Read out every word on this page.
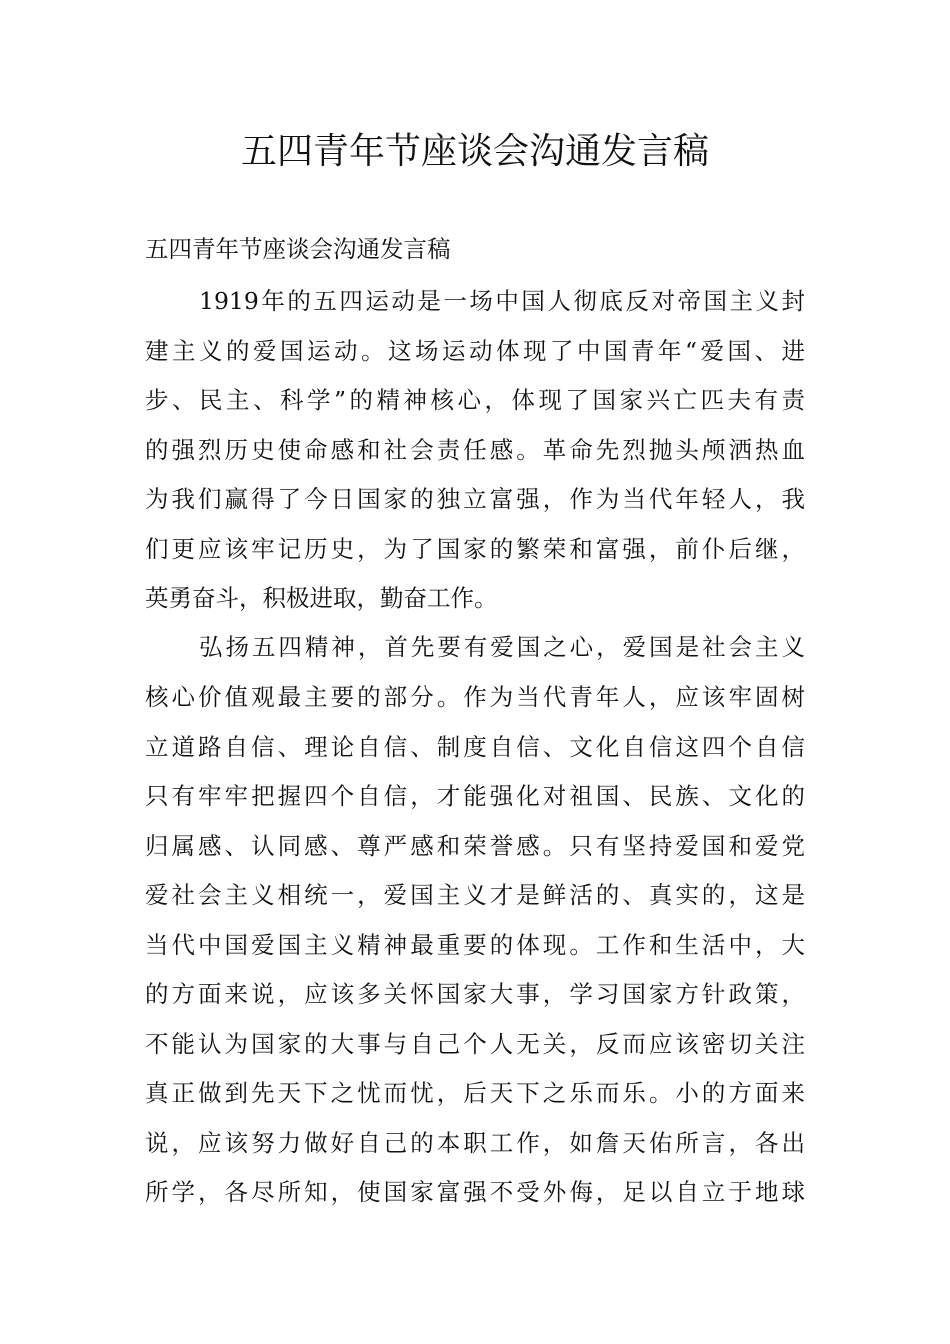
五四青年节座谈会沟通发言稿

五四青年节座谈会沟通发言稿

1919年的五四运动是一场中国人彻底反对帝国主义封

建主义的爱国运动。这场运动体现了中国青年“爱国、进

步、民主、科学”的精神核心，体现了国家兴亡匹夫有责

的强烈历史使命感和社会责任感。革命先烈抛头颅洒热血

为我们赢得了今日国家的独立富强，作为当代年轻人，我

们更应该牢记历史，为了国家的繁荣和富强，前仆后继，

英勇奋斗，积极进取，勤奋工作。

弘扬五四精神，首先要有爱国之心，爱国是社会主义

核心价值观最主要的部分。作为当代青年人，应该牢固树

立道路自信、理论自信、制度自信、文化自信这四个自信

只有牢牢把握四个自信，才能强化对祖国、民族、文化的

归属感、认同感、尊严感和荣誉感。只有坚持爱国和爱党

爱社会主义相统一，爱国主义才是鲜活的、真实的，这是

当代中国爱国主义精神最重要的体现。工作和生活中，大

的方面来说，应该多关怀国家大事，学习国家方针政策，

不能认为国家的大事与自己个人无关，反而应该密切关注

真正做到先天下之忧而忧，后天下之乐而乐。小的方面来

说，应该努力做好自己的本职工作，如詹天佑所言，各出

所学，各尽所知，使国家富强不受外侮，足以自立于地球
